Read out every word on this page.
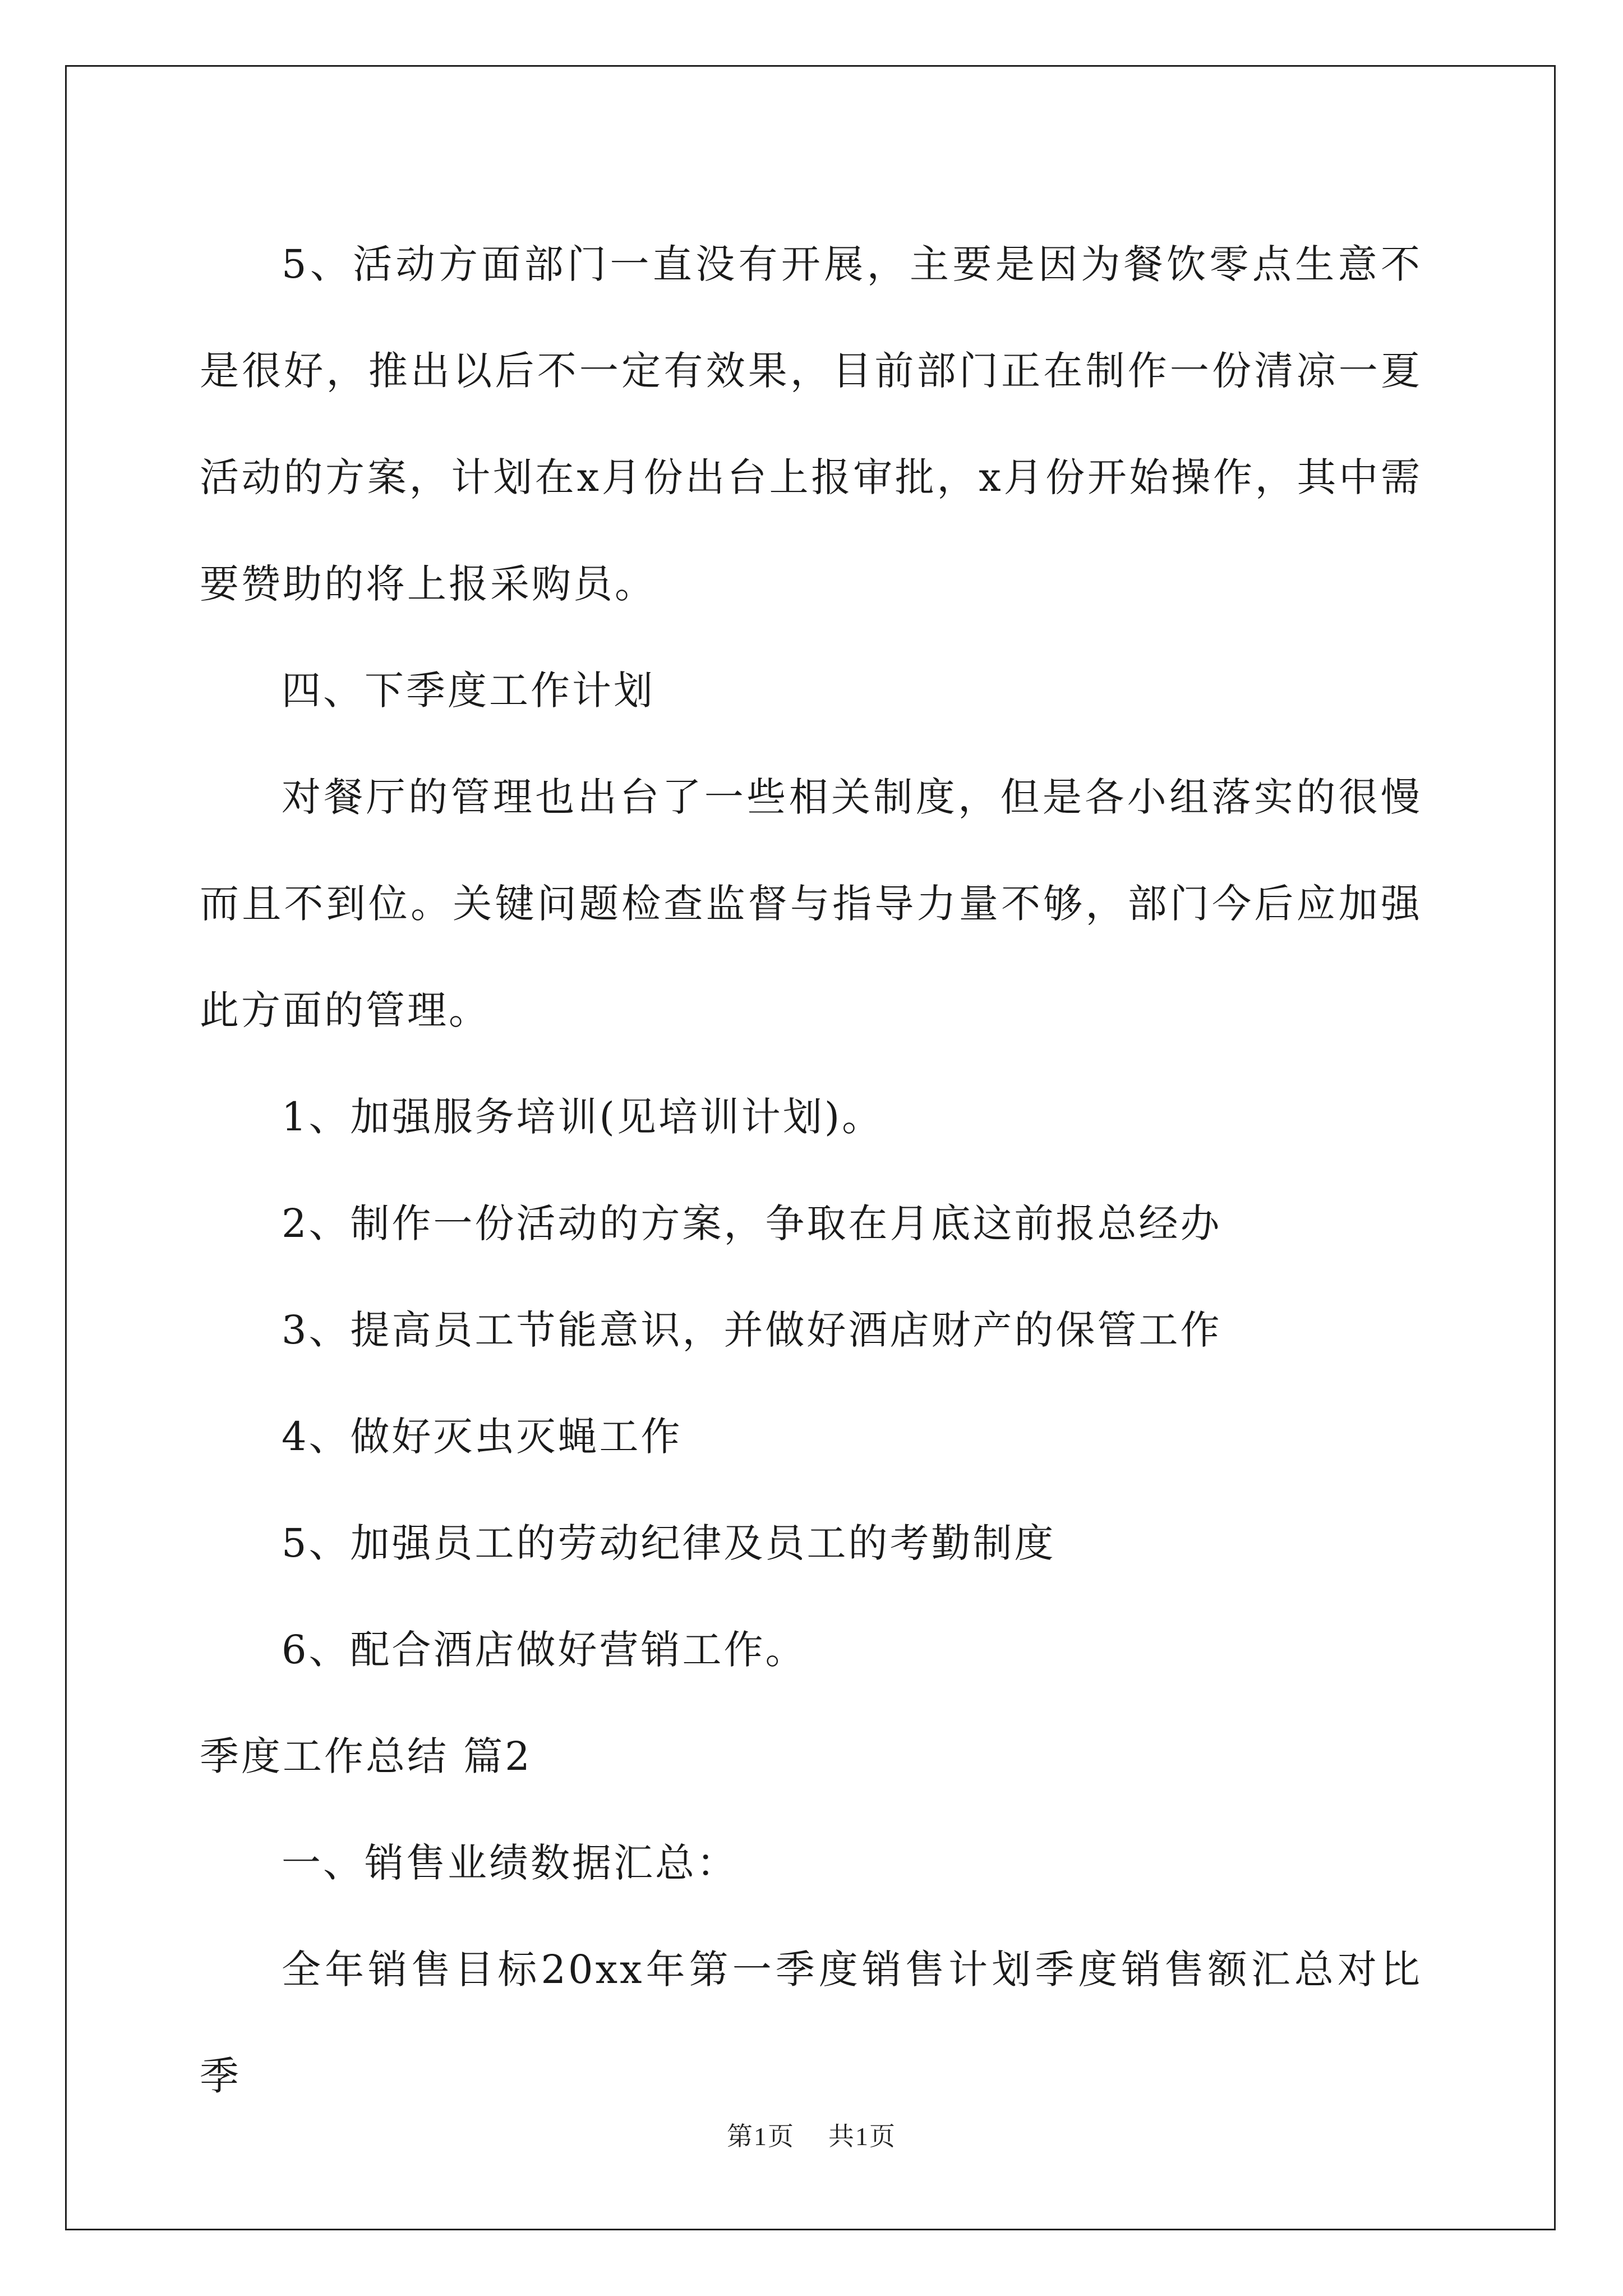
5、活动方面部门一直没有开展，主要是因为餐饮零点生意不是很好，推出以后不一定有效果，目前部门正在制作一份清凉一夏活动的方案，计划在x月份出台上报审批，x月份开始操作，其中需要赞助的将上报采购员。

四、下季度工作计划

对餐厅的管理也出台了一些相关制度，但是各小组落实的很慢而且不到位。关键问题检查监督与指导力量不够，部门今后应加强此方面的管理。

1、加强服务培训(见培训计划)。

2、制作一份活动的方案，争取在月底这前报总经办

3、提高员工节能意识，并做好酒店财产的保管工作

4、做好灭虫灭蝇工作

5、加强员工的劳动纪律及员工的考勤制度

6、配合酒店做好营销工作。

季度工作总结 篇2

一、销售业绩数据汇总：

全年销售目标20xx年第一季度销售计划季度销售额汇总对比季

第1页 共1页
